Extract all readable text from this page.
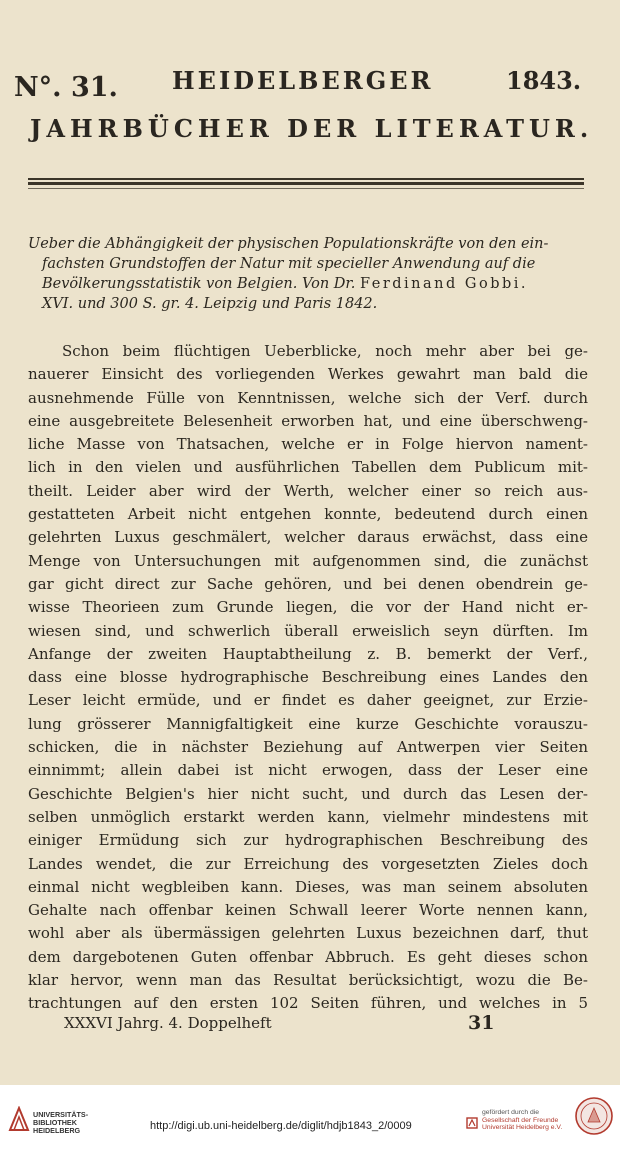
N°. 31. HEIDELBERGER	1843.
JAHRBÜCHER DER LITERATUR.
Ueber die Abhängigkeit der physischen Populationskräfte von den ein-
fachsten Grundstoffen der Natur mit specieller Anwendung auf die
Bevölkerungsstatistik von Belgien. Von Dr. Ferdinand Gobbi.
XVI. und 300 S. gr. 4. Leipzig und Paris 1842.
Schon beim flüchtigen Ueberblicke, noch mehr aber bei ge-
nauerer Einsicht des vorliegenden Werkes gewahrt man bald die
ausnehmende Fülle von Kenntnissen, welche sich der Verf. durch
eine ausgebreitete Belesenheit erworben hat, und eine überschweng-
liche Masse von Thatsachen, welche er in Folge hiervon nament-
lich in den vielen und ausführlichen Tabellen dem Publicum mit-
theilt. Leider aber wird der Werth, welcher einer so reich aus-
gestatteten Arbeit nicht entgehen konnte, bedeutend durch einen
gelehrten Luxus geschmälert, welcher daraus erwächst, dass eine
Menge von Untersuchungen mit aufgenommen sind, die zunächst
gar gicht direct zur Sache gehören, und bei denen obendrein ge-
wisse Theorieen zum Grunde liegen, die vor der Hand nicht er-
wiesen sind, und schwerlich überall erweislich seyn dürften. Im
Anfange der zweiten Hauptabtheilung z. B. bemerkt der Verf.,
dass eine blosse hydrographische Beschreibung eines Landes den
Leser leicht ermüde, und er findet es daher geeignet, zur Erzie-
lung grösserer Mannigfaltigkeit eine kurze Geschichte vorauszu-
schicken, die in nächster Beziehung auf Antwerpen vier Seiten
einnimmt; allein dabei ist nicht erwogen, dass der Leser eine
Geschichte Belgien's hier nicht sucht, und durch das Lesen der-
selben unmöglich erstarkt werden kann, vielmehr mindestens mit
einiger Ermüdung sich zur hydrographischen Beschreibung des
Landes wendet, die zur Erreichung des vorgesetzten Zieles doch
einmal nicht wegbleiben kann. Dieses, was man seinem absoluten
Gehalte nach offenbar keinen Schwall leerer Worte nennen kann,
wohl aber als übermässigen gelehrten Luxus bezeichnen darf, thut
dem dargebotenen Guten offenbar Abbruch. Es geht dieses schon
klar hervor, wenn man das Resultat berücksichtigt, wozu die Be-
trachtungen auf den ersten 102 Seiten führen, und welches in 5
XXXVI Jahrg. 4. Doppelheft	31
UNIVERSITÄTS-
BIBLIOTHEK
HEIDELBERG	http://digi.ub.uni-heidelberg.de/diglit/hdjb1843_2/0009
gefördert durch die
Gesellschaft der Freunde
Universität Heidelberg e.V.
